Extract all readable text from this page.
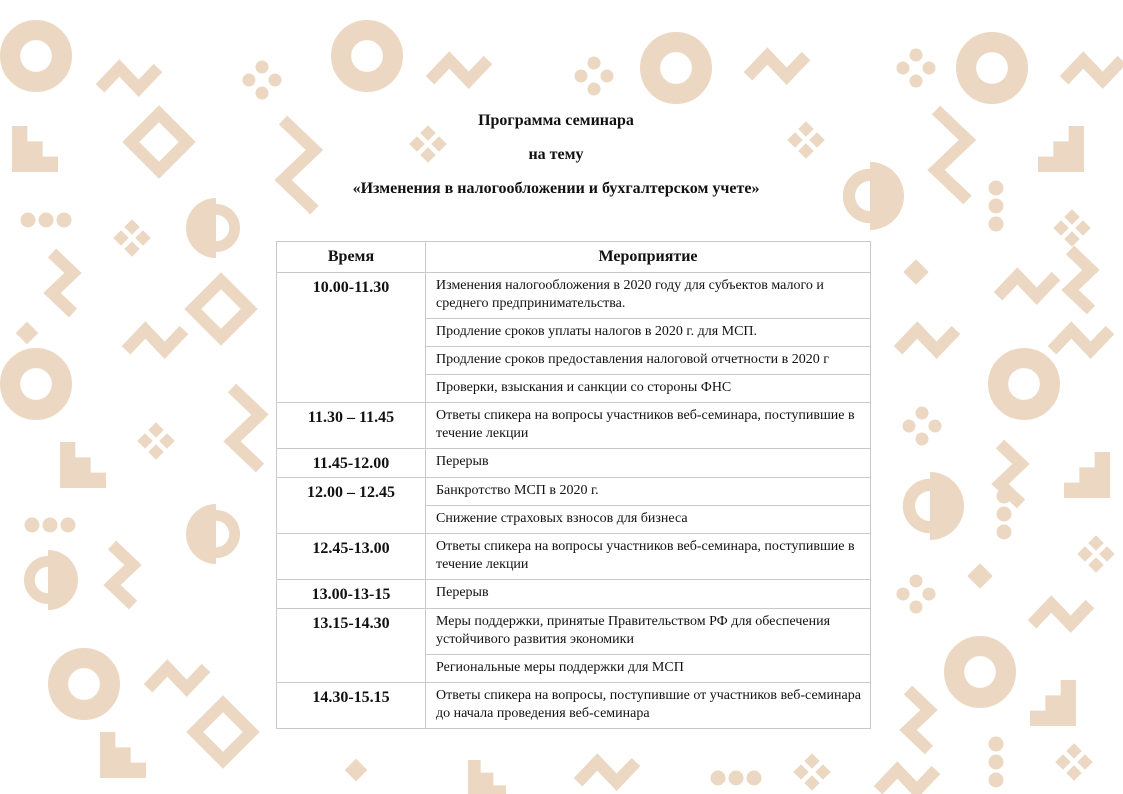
Программа семинара

на тему

«Изменения в налогообложении и бухгалтерском учете»

Время	Мероприятие
10.00-11.30	Изменения налогообложения в 2020 году для субъектов малого и среднего предпринимательства.
	Продление сроков уплаты налогов в 2020 г. для МСП.
	Продление сроков предоставления налоговой отчетности в 2020 г
	Проверки, взыскания и санкции со стороны ФНС
11.30 – 11.45	Ответы спикера на вопросы участников веб-семинара, поступившие в течение лекции
11.45-12.00	Перерыв
12.00 – 12.45	Банкротство МСП в 2020 г.
	Снижение страховых взносов для бизнеса
12.45-13.00	Ответы спикера на вопросы участников веб-семинара, поступившие в течение лекции
13.00-13-15	Перерыв
13.15-14.30	Меры поддержки, принятые Правительством РФ для обеспечения устойчивого развития экономики
	Региональные меры поддержки для МСП
14.30-15.15	Ответы спикера на вопросы, поступившие от участников веб-семинара до начала проведения веб-семинара
